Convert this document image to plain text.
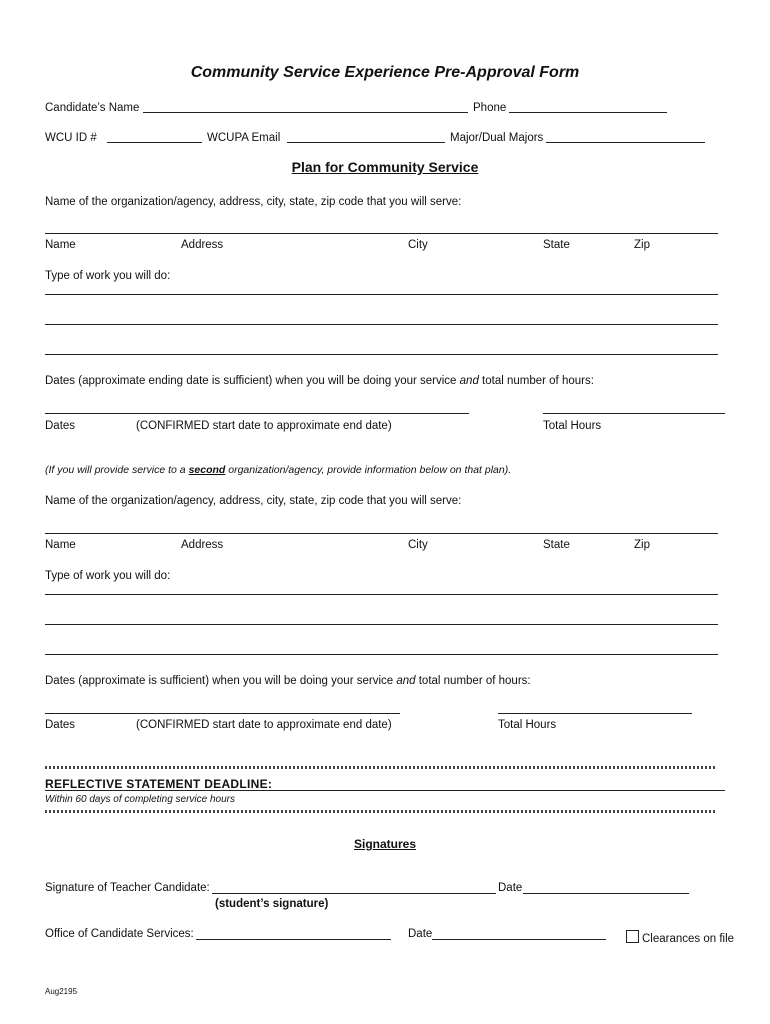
Community Service Experience Pre-Approval Form
Candidate’s Name	Phone
WCU ID #	WCUPA Email	Major/Dual Majors
Plan for Community Service
Name of the organization/agency, address, city, state, zip code that you will serve:
Name	Address	City	State	Zip
Type of work you will do:
Dates (approximate ending date is sufficient) when you will be doing your service and total number of hours:
Dates	(CONFIRMED start date to approximate end date)	Total Hours
(If you will provide service to a second organization/agency, provide information below on that plan).
Name of the organization/agency, address, city, state, zip code that you will serve:
Name	Address	City	State	Zip
Type of work you will do:
Dates (approximate is sufficient) when you will be doing your service and total number of hours:
Dates	(CONFIRMED start date to approximate end date)	Total Hours
REFLECTIVE STATEMENT DEADLINE:
Within 60 days of completing service hours
Signatures
Signature of Teacher Candidate:	Date
(student’s signature)
Office of Candidate Services:	Date	Clearances on file
Aug2195
